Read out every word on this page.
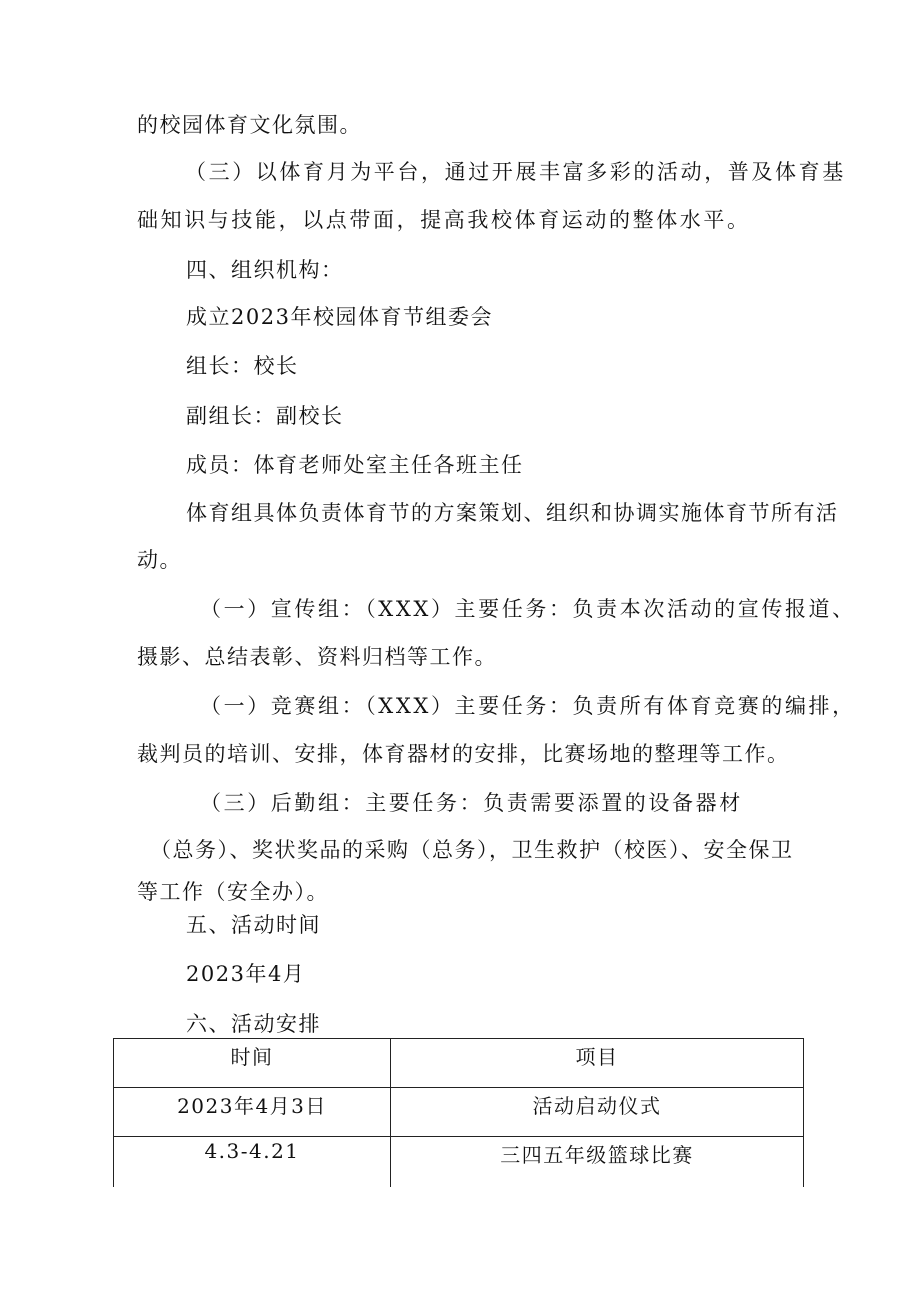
的校园体育文化氛围。
（三）以体育月为平台，通过开展丰富多彩的活动，普及体育基
础知识与技能，以点带面，提高我校体育运动的整体水平。
四、组织机构：
成立2023年校园体育节组委会
组长：校长
副组长：副校长
成员：体育老师处室主任各班主任
体育组具体负责体育节的方案策划、组织和协调实施体育节所有活
动。
（一）宣传组：（XXX）主要任务：负责本次活动的宣传报道、
摄影、总结表彰、资料归档等工作。
（一）竞赛组：（XXX）主要任务：负责所有体育竞赛的编排，
裁判员的培训、安排，体育器材的安排，比赛场地的整理等工作。
（三）后勤组：主要任务：负责需要添置的设备器材
（总务）、奖状奖品的采购（总务），卫生救护（校医）、安全保卫
等工作（安全办）。
五、活动时间
2023年4月
六、活动安排
时间	项目
2023年4月3日	活动启动仪式
4.3-4.21	三四五年级篮球比赛
